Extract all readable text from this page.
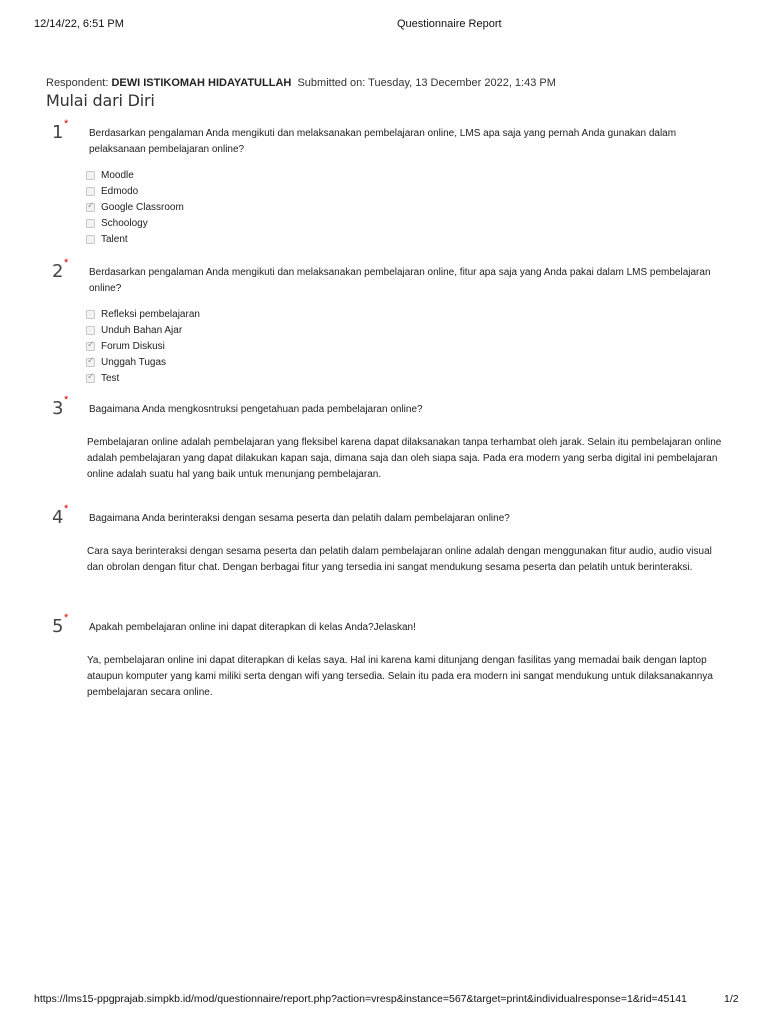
12/14/22, 6:51 PM	Questionnaire Report
Respondent: DEWI ISTIKOMAH HIDAYATULLAH Submitted on: Tuesday, 13 December 2022, 1:43 PM
Mulai dari Diri
1 *
Berdasarkan pengalaman Anda mengikuti dan melaksanakan pembelajaran online, LMS apa saja yang pernah Anda gunakan dalam pelaksanaan pembelajaran online?
Moodle
Edmodo
✓
Google Classroom
Schoology
Talent
2 *
Berdasarkan pengalaman Anda mengikuti dan melaksanakan pembelajaran online, fitur apa saja yang Anda pakai dalam LMS pembelajaran online?
Refleksi pembelajaran
Unduh Bahan Ajar
✓
Forum Diskusi
✓
Unggah Tugas
✓
Test
3 *
Bagaimana Anda mengkosntruksi pengetahuan pada pembelajaran online?
Pembelajaran online adalah pembelajaran yang fleksibel karena dapat dilaksanakan tanpa terhambat oleh jarak. Selain itu pembelajaran online adalah pembelajaran yang dapat dilakukan kapan saja, dimana saja dan oleh siapa saja. Pada era modern yang serba digital ini pembelajaran online adalah suatu hal yang baik untuk menunjang pembelajaran.
4 *
Bagaimana Anda berinteraksi dengan sesama peserta dan pelatih dalam pembelajaran online?
Cara saya berinteraksi dengan sesama peserta dan pelatih dalam pembelajaran online adalah dengan menggunakan fitur audio, audio visual dan obrolan dengan fitur chat. Dengan berbagai fitur yang tersedia ini sangat mendukung sesama peserta dan pelatih untuk berinteraksi.
5 *
Apakah pembelajaran online ini dapat diterapkan di kelas Anda?Jelaskan!
Ya, pembelajaran online ini dapat diterapkan di kelas saya. Hal ini karena kami ditunjang dengan fasilitas yang memadai baik dengan laptop ataupun komputer yang kami miliki serta dengan wifi yang tersedia. Selain itu pada era modern ini sangat mendukung untuk dilaksanakannya pembelajaran secara online.
https://lms15-ppgprajab.simpkb.id/mod/questionnaire/report.php?action=vresp&instance=567&target=print&individualresponse=1&rid=45141	1/2
